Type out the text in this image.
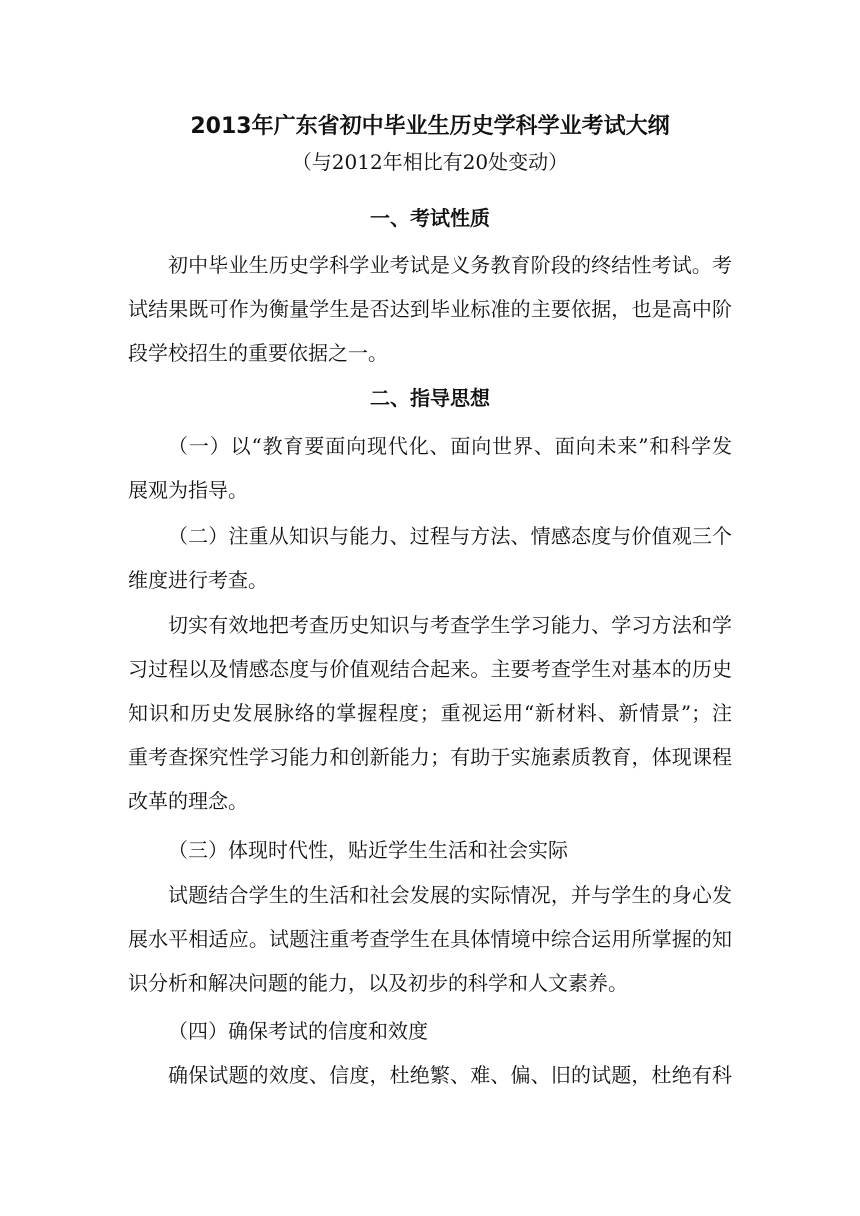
2013年广东省初中毕业生历史学科学业考试大纲
（与2012年相比有20处变动）
一、考试性质
初中毕业生历史学科学业考试是义务教育阶段的终结性考试。考
试结果既可作为衡量学生是否达到毕业标准的主要依据，也是高中阶
段学校招生的重要依据之一。
二、指导思想
（一）以“教育要面向现代化、面向世界、面向未来”和科学发
展观为指导。
（二）注重从知识与能力、过程与方法、情感态度与价值观三个
维度进行考查。
切实有效地把考查历史知识与考查学生学习能力、学习方法和学
习过程以及情感态度与价值观结合起来。主要考查学生对基本的历史
知识和历史发展脉络的掌握程度；重视运用“新材料、新情景”；注
重考查探究性学习能力和创新能力；有助于实施素质教育，体现课程
改革的理念。
（三）体现时代性，贴近学生生活和社会实际
试题结合学生的生活和社会发展的实际情况，并与学生的身心发
展水平相适应。试题注重考查学生在具体情境中综合运用所掌握的知
识分析和解决问题的能力，以及初步的科学和人文素养。
（四）确保考试的信度和效度
确保试题的效度、信度，杜绝繁、难、偏、旧的试题，杜绝有科
